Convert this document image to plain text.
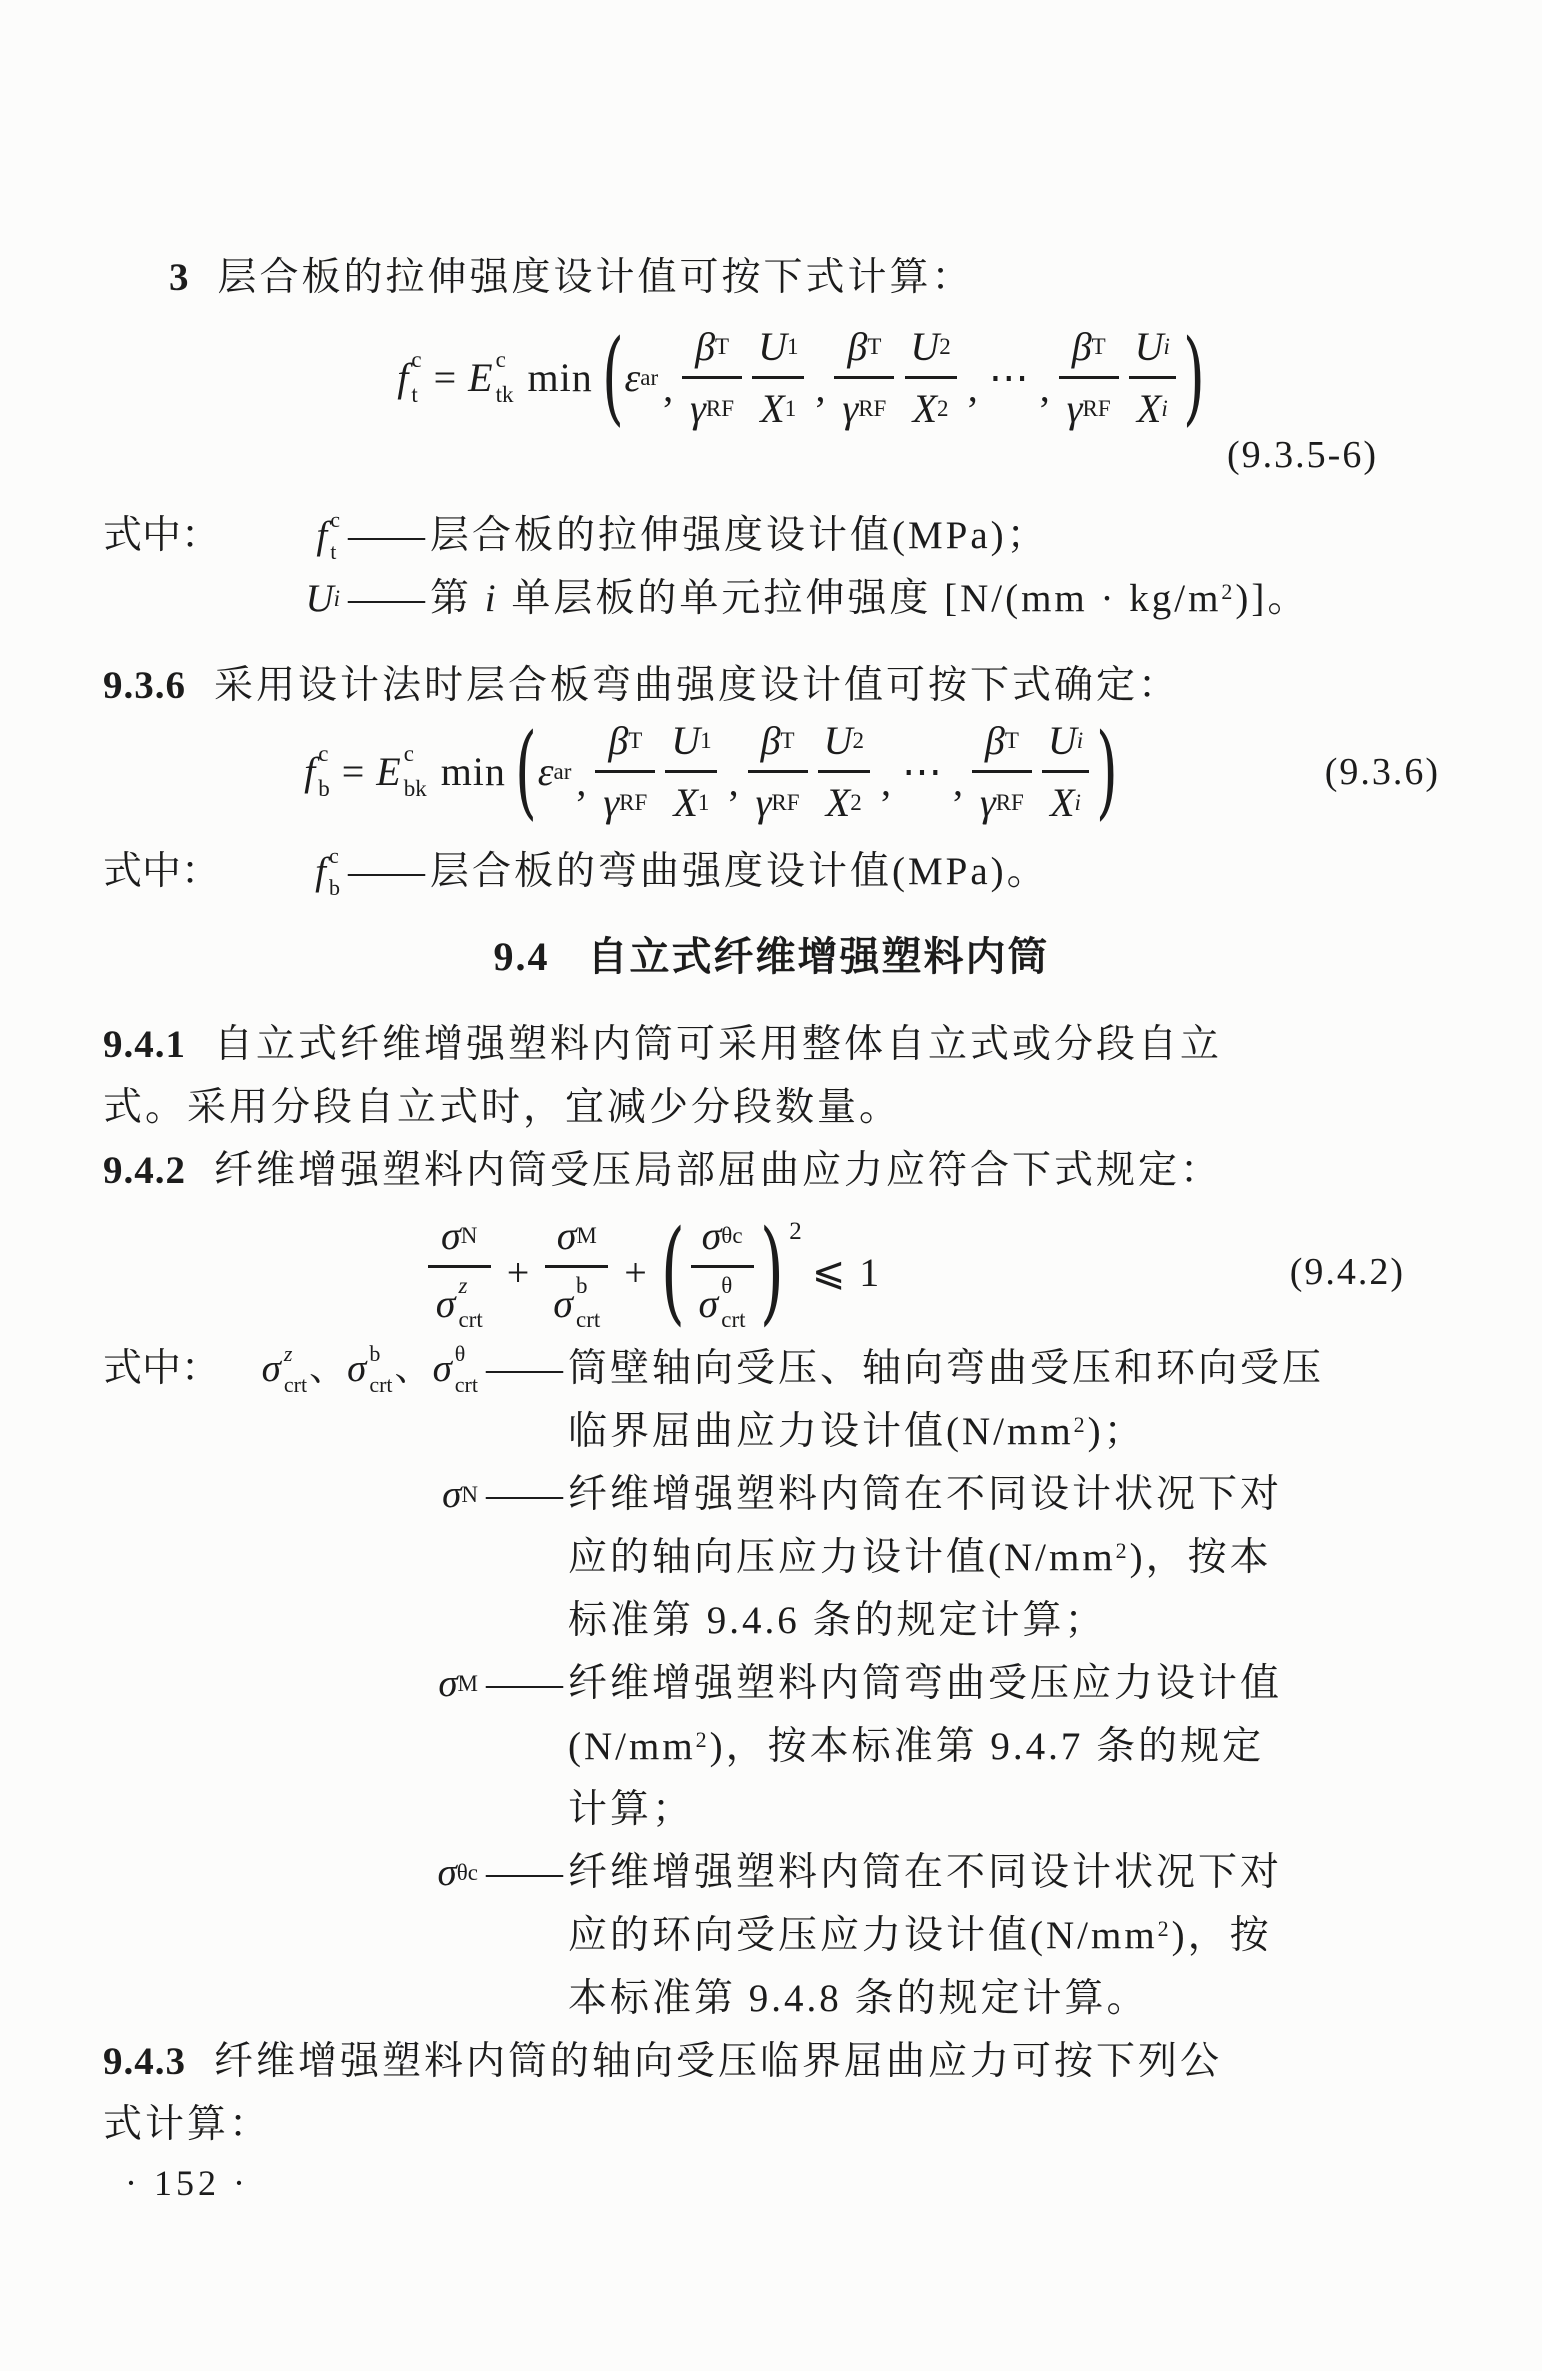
3 层合板的拉伸强度设计值可按下式计算：

f c
t = E c
tk min ( ε ar , $\frac{\text{β T}}{\text{γ RF}} \frac{U 1}{X 1}$ , $\frac{\text{β T}}{\text{γ RF}} \frac{U 2}{X 2}$ , ⋯ , $\frac{\text{β T}}{\text{γ RF}} \frac{\text{U i}}{\text{X i}}$ )
(9.3.5-6)
式中： f c
t —— 层合板的拉伸强度设计值(MPa)；
U i —— 第 i 单层板的单元拉伸强度 $[N/(mm \cdot kg/m^2)]$。

9.3.6 采用设计法时层合板弯曲强度设计值可按下式确定：

f c
b = E c
bk min ( ε ar , $\frac{\text{β T}}{\text{γ RF}} \frac{U 1}{X 1}$ , $\frac{\text{β T}}{\text{γ RF}} \frac{U 2}{X 2}$ , ⋯ , $\frac{\text{β T}}{\text{γ RF}} \frac{\text{U i}}{\text{X i}}$ )	(9.3.6)
式中： f c
b —— 层合板的弯曲强度设计值(MPa)。
9.4 自立式纤维增强塑料内筒

9.4.1 自立式纤维增强塑料内筒可采用整体自立式或分段自立

式。采用分段自立式时，宜减少分段数量。

9.4.2 纤维增强塑料内筒受压局部屈曲应力应符合下式规定：

σ N
σ z
crt + σ M
σ b
crt + ( σ θc
σ θ
crt ) 2
⩽ 1	(9.4.2)
式中： σ z
crt 、 σ b
crt 、 σ θ
crt —— 筒壁轴向受压、轴向弯曲受压和环向受压
临界屈曲应力设计值$(N/mm^2)$；
σ N —— 纤维增强塑料内筒在不同设计状况下对
应的轴向压应力设计值$(N/mm^2)$，按本
标准第 9.4.6 条的规定计算；
σ M —— 纤维增强塑料内筒弯曲受压应力设计值
$(N/mm^2)$，按本标准第 9.4.7 条的规定
计算；
σ θc —— 纤维增强塑料内筒在不同设计状况下对
应的环向受压应力设计值$(N/mm^2)$，按
本标准第 9.4.8 条的规定计算。

9.4.3 纤维增强塑料内筒的轴向受压临界屈曲应力可按下列公

式计算：

· 152 ·
